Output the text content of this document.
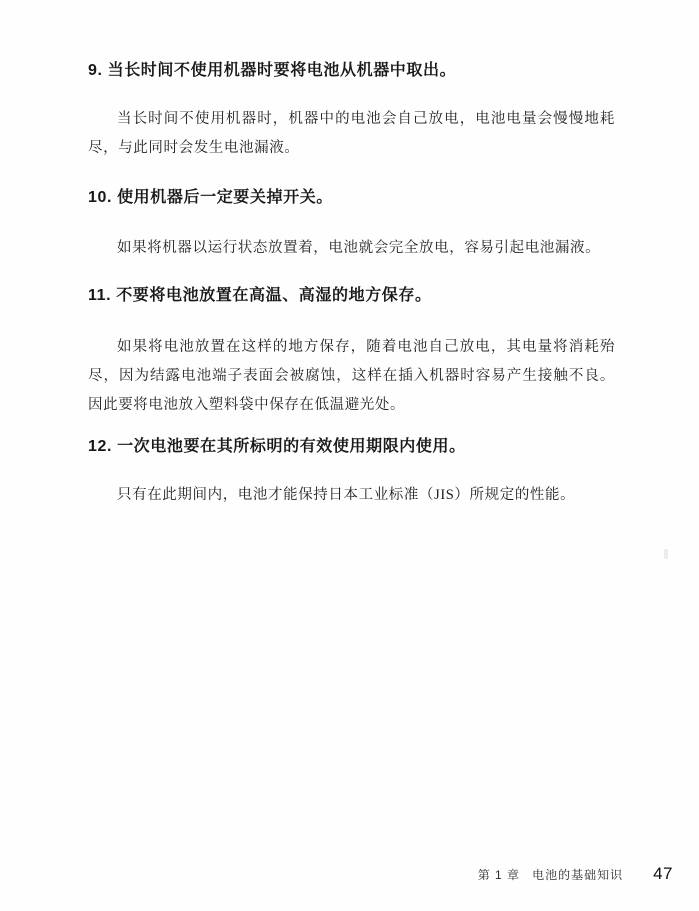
9. 当长时间不使用机器时要将电池从机器中取出。
当长时间不使用机器时，机器中的电池会自己放电，电池电量会慢慢地耗尽，与此同时会发生电池漏液。
10. 使用机器后一定要关掉开关。
如果将机器以运行状态放置着，电池就会完全放电，容易引起电池漏液。
11. 不要将电池放置在高温、高湿的地方保存。
如果将电池放置在这样的地方保存，随着电池自己放电，其电量将消耗殆尽，因为结露电池端子表面会被腐蚀，这样在插入机器时容易产生接触不良。因此要将电池放入塑料袋中保存在低温避光处。
12. 一次电池要在其所标明的有效使用期限内使用。
只有在此期间内，电池才能保持日本工业标准（JIS）所规定的性能。
第 1 章 电池的基础知识 47
